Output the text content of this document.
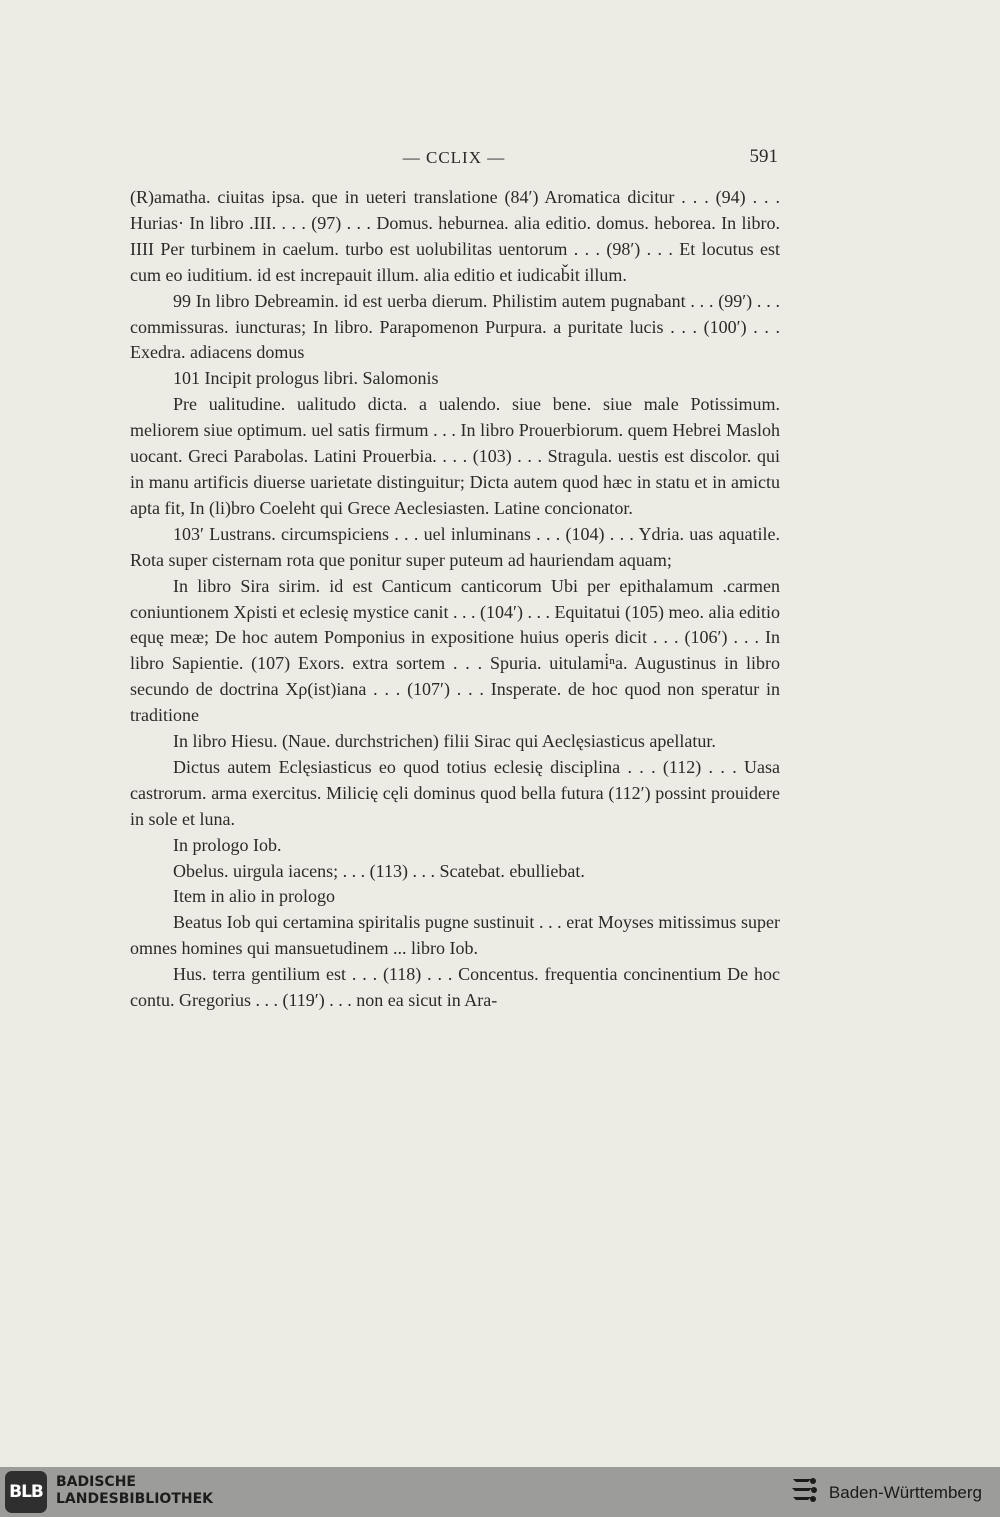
— CCLIX —	591

(R)amatha. ciuitas ipsa. que in ueteri translatione (84′) Aromatica dicitur . . . (94) . . . Hurias· In libro .III. . . . (97) . . . Domus. heburnea. alia editio. domus. heborea. In libro. IIII Per turbinem in caelum. turbo est uolubilitas uentorum . . . (98′) . . . Et locutus est cum eo iuditium. id est increpauit illum. alia editio et iudicab̌it illum.

99 In libro Debreamin. id est uerba dierum. Philistim autem pugnabant . . . (99′) . . . commissuras. iuncturas; In libro. Parapomenon Purpura. a puritate lucis . . . (100′) . . . Exedra. adiacens domus

101 Incipit prologus libri. Salomonis

Pre ualitudine. ualitudo dicta. a ualendo. siue bene. siue male Potissimum. meliorem siue optimum. uel satis firmum . . . In libro Prouerbiorum. quem Hebrei Masloh uocant. Greci Parabolas. Latini Prouerbia. . . . (103) . . . Stragula. uestis est discolor. qui in manu artificis diuerse uarietate distinguitur; Dicta autem quod hæc in statu et in amictu apta fit, In (li)bro Coeleht qui Grece Aeclesiasten. Latine concionator.

103′ Lustrans. circumspiciens . . . uel inluminans . . . (104) . . . Ydria. uas aquatile. Rota super cisternam rota que ponitur super puteum ad hauriendam aquam;

In libro Sira sirim. id est Canticum canticorum Ubi per epithalamum .carmen coniuntionem Xρisti et eclesię mystice canit . . . (104′) . . . Equitatui (105) meo. alia editio equę meæ; De hoc autem Pomponius in expositione huius operis dicit . . . (106′) . . . In libro Sapientie. (107) Exors. extra sortem . . . Spuria. uitulami̇ⁿa. Augustinus in libro secundo de doctrina Xρ(ist)iana . . . (107′) . . . Insperate. de hoc quod non speratur in traditione

In libro Hiesu. (Naue. durchstrichen) filii Sirac qui Aeclęsiasticus apellatur.

Dictus autem Eclęsiasticus eo quod totius eclesię disciplina . . . (112) . . . Uasa castrorum. arma exercitus. Milicię cęli dominus quod bella futura (112′) possint prouidere in sole et luna.

In prologo Iob.

Obelus. uirgula iacens; . . . (113) . . . Scatebat. ebulliebat.

Item in alio in prologo

Beatus Iob qui certamina spiritalis pugne sustinuit . . . erat Moyses mitissimus super omnes homines qui mansuetudinem ... libro Iob.

Hus. terra gentilium est . . . (118) . . . Concentus. frequentia concinentium De hoc contu. Gregorius . . . (119′) . . . non ea sicut in Ara-

BLB BADISCHE
LANDESBIBLIOTHEK	Baden-Württemberg
